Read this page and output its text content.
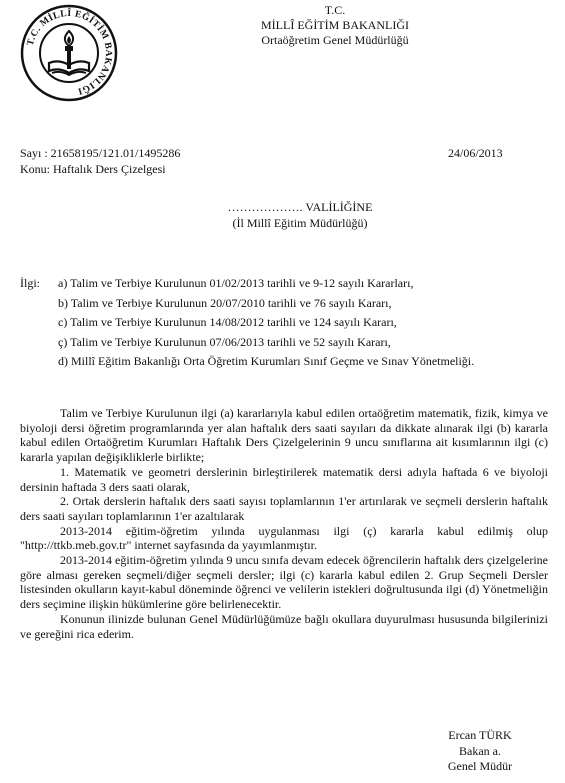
T.C. MİLLÎ EĞİTİM BAKANLIĞI
T.C.
MİLLÎ EĞİTİM BAKANLIĞI
Ortaöğretim Genel Müdürlüğü
Sayı : 21658195/121.01/1495286	24/06/2013
Konu: Haftalık Ders Çizelgesi
………………. VALİLİĞİNE
(İl Millî Eğitim Müdürlüğü)
İlgi:	a) Talim ve Terbiye Kurulunun 01/02/2013 tarihli ve 9-12 sayılı Kararları,
b) Talim ve Terbiye Kurulunun 20/07/2010 tarihli ve 76 sayılı Kararı,
c) Talim ve Terbiye Kurulunun 14/08/2012 tarihli ve 124 sayılı Kararı,
ç) Talim ve Terbiye Kurulunun 07/06/2013 tarihli ve 52 sayılı Kararı,
d) Millî Eğitim Bakanlığı Orta Öğretim Kurumları Sınıf Geçme ve Sınav Yönetmeliği.

Talim ve Terbiye Kurulunun ilgi (a) kararlarıyla kabul edilen ortaöğretim matematik, fizik, kimya ve biyoloji dersi öğretim programlarında yer alan haftalık ders saati sayıları da dikkate alınarak ilgi (b) kararla kabul edilen Ortaöğretim Kurumları Haftalık Ders Çizelgelerinin 9 uncu sınıflarına ait kısımlarının ilgi (c) kararla yapılan değişikliklerle birlikte;

1. Matematik ve geometri derslerinin birleştirilerek matematik dersi adıyla haftada 6 ve biyoloji dersinin haftada 3 ders saati olarak,

2. Ortak derslerin haftalık ders saati sayısı toplamlarının 1'er artırılarak ve seçmeli derslerin haftalık ders saati sayıları toplamlarının 1'er azaltılarak

2013-2014 eğitim-öğretim yılında uygulanması ilgi (ç) kararla kabul edilmiş olup "http://ttkb.meb.gov.tr" internet sayfasında da yayımlanmıştır.

2013-2014 eğitim-öğretim yılında 9 uncu sınıfa devam edecek öğrencilerin haftalık ders çizelgelerine göre alması gereken seçmeli/diğer seçmeli dersler; ilgi (c) kararla kabul edilen 2. Grup Seçmeli Dersler listesinden okulların kayıt-kabul döneminde öğrenci ve velilerin istekleri doğrultusunda ilgi (d) Yönetmeliğin ders seçimine ilişkin hükümlerine göre belirlenecektir.

Konunun ilinizde bulunan Genel Müdürlüğümüze bağlı okullara duyurulması hususunda bilgilerinizi ve gereğini rica ederim.

Ercan TÜRK
Bakan a.
Genel Müdür
